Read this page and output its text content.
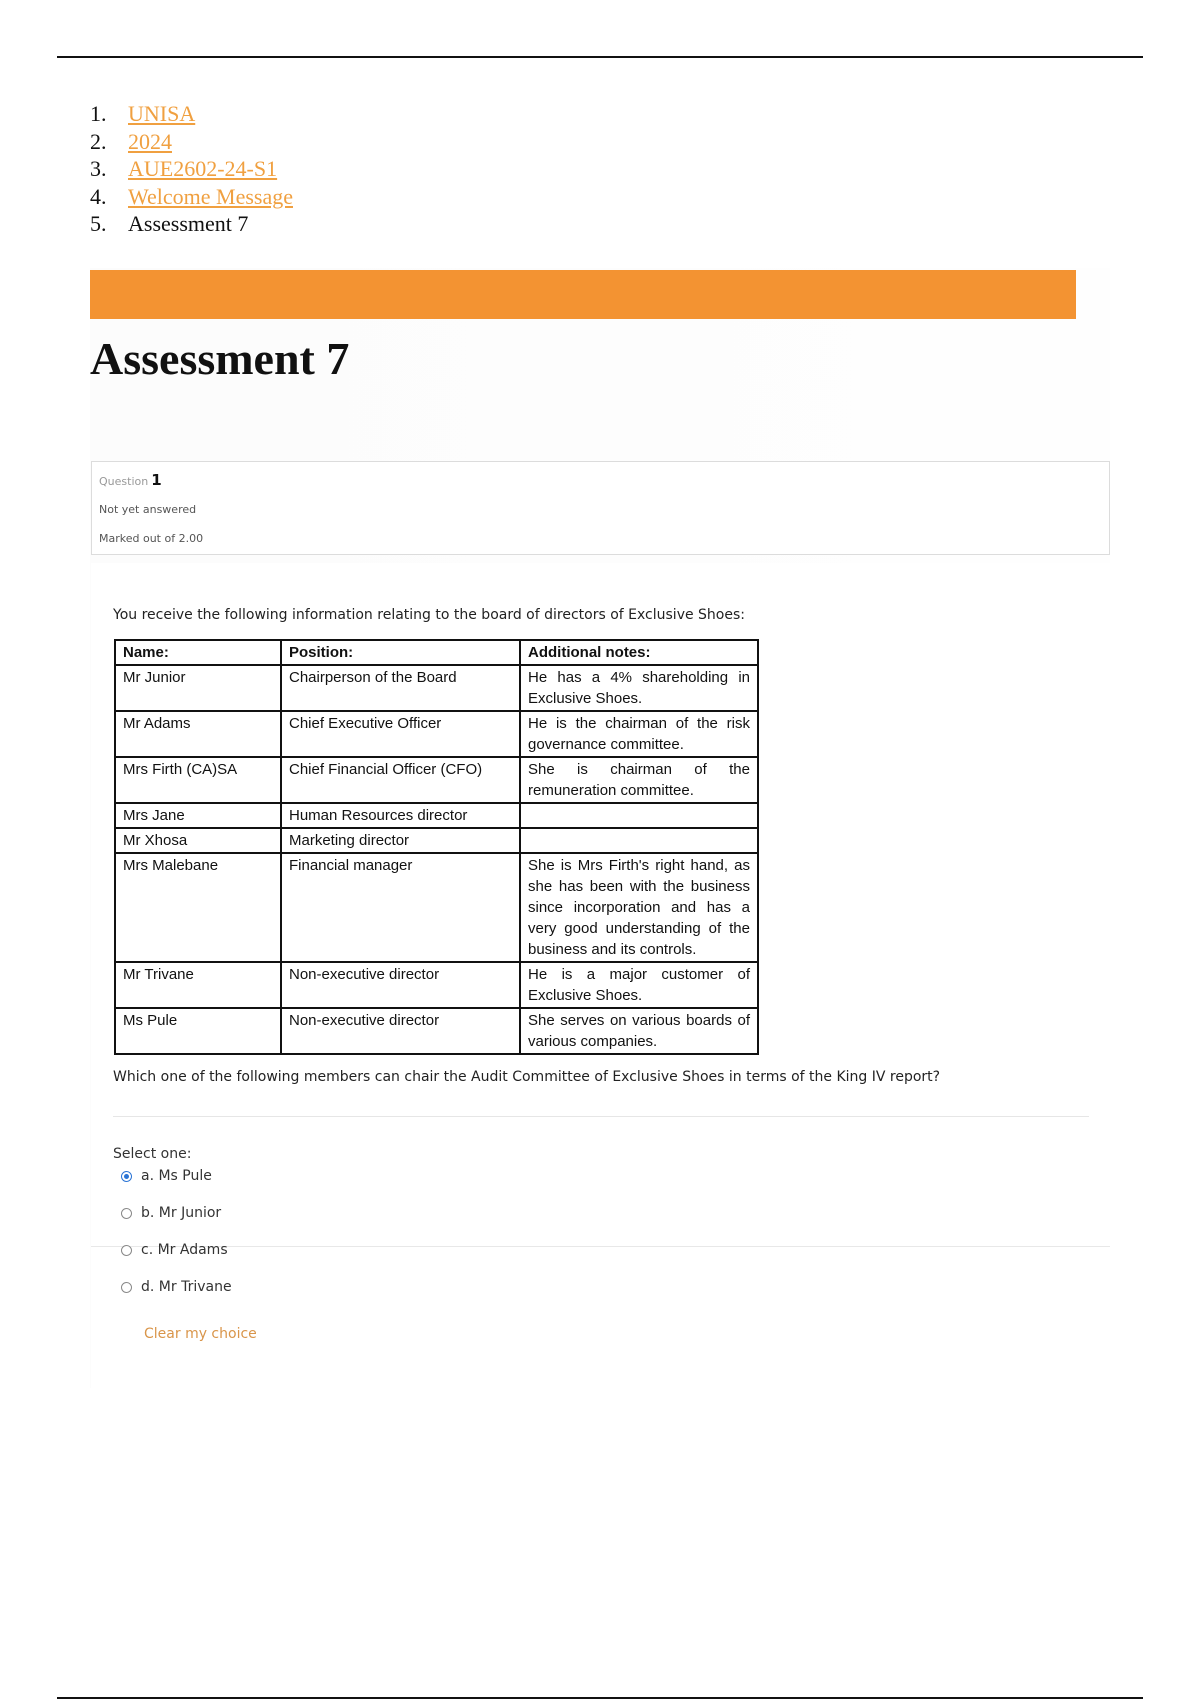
1. UNISA
2. 2024
3. AUE2602-24-S1
4. Welcome Message
5. Assessment 7
Assessment 7
Question 1
Not yet answered
Marked out of 2.00

You receive the following information relating to the board of directors of Exclusive Shoes:

Name:	Position:	Additional notes:
Mr Junior	Chairperson of the Board	He has a 4% shareholding in Exclusive Shoes.
Mr Adams	Chief Executive Officer	He is the chairman of the risk governance committee.
Mrs Firth (CA)SA	Chief Financial Officer (CFO)	She is chairman of the remuneration committee.
Mrs Jane	Human Resources director	
Mr Xhosa	Marketing director	
Mrs Malebane	Financial manager	She is Mrs Firth's right hand, as she has been with the business since incorporation and has a very good understanding of the business and its controls.
Mr Trivane	Non-executive director	He is a major customer of Exclusive Shoes.
Ms Pule	Non-executive director	She serves on various boards of various companies.

Which one of the following members can chair the Audit Committee of Exclusive Shoes in terms of the King IV report?

Select one:
a. Ms Pule
b. Mr Junior
c. Mr Adams
d. Mr Trivane
Clear my choice
